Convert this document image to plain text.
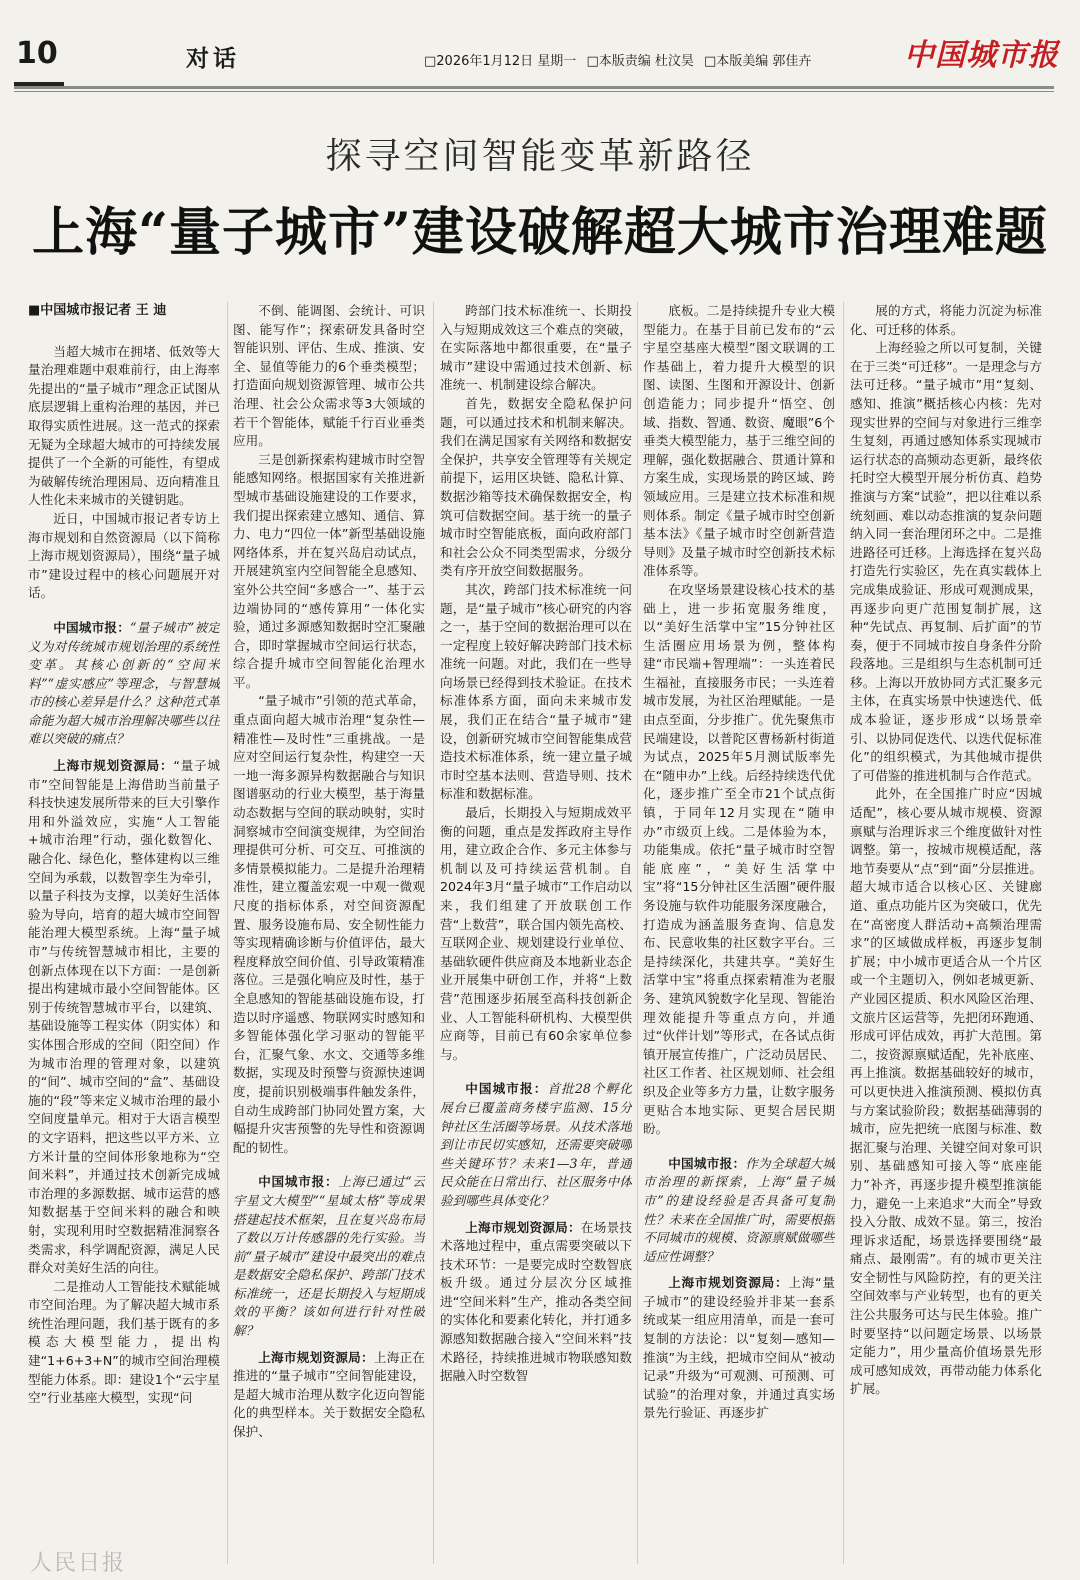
10	对话	□2026年1月12日 星期一 □本版责编 杜汶昊 □本版美编 郭佳卉	中国城市报
探寻空间智能变革新路径
上海“量子城市”建设破解超大城市治理难题

■中国城市报记者 王 迪

当超大城市在拥堵、低效等大量治理难题中艰难前行，由上海率先提出的“量子城市”理念正试图从底层逻辑上重构治理的基因，并已取得实质性进展。这一范式的探索无疑为全球超大城市的可持续发展提供了一个全新的可能性，有望成为破解传统治理困局、迈向精准且人性化未来城市的关键钥匙。

近日，中国城市报记者专访上海市规划和自然资源局（以下简称上海市规划资源局），围绕“量子城市”建设过程中的核心问题展开对话。

中国城市报：“量子城市”被定义为对传统城市规划治理的系统性变革。其核心创新的“空间米料”“虚实感应”等理念，与智慧城市的核心差异是什么？这种范式革命能为超大城市治理解决哪些以往难以突破的痛点？

上海市规划资源局：“量子城市”空间智能是上海借助当前量子科技快速发展所带来的巨大引擎作用和外溢效应，实施“人工智能+城市治理”行动，强化数智化、融合化、绿色化，整体建构以三维空间为承载，以数智孪生为牵引，以量子科技为支撑，以美好生活体验为导向，培育的超大城市空间智能治理大模型系统。上海“量子城市”与传统智慧城市相比，主要的创新点体现在以下方面：一是创新提出构建城市最小空间智能体。区别于传统智慧城市平台，以建筑、基础设施等工程实体（阴实体）和实体围合形成的空间（阳空间）作为城市治理的管理对象，以建筑的“间”、城市空间的“盒”、基础设施的“段”等来定义城市治理的最小空间度量单元。相对于大语言模型的文字语料，把这些以平方米、立方米计量的空间体形象地称为“空间米料”，并通过技术创新完成城市治理的多源数据、城市运营的感知数据基于空间米料的融合和映射，实现利用时空数据精准洞察各类需求，科学调配资源，满足人民群众对美好生活的向往。

二是推动人工智能技术赋能城市空间治理。为了解决超大城市系统性治理问题，我们基于既有的多模态大模型能力，提出构建“1+6+3+N”的城市空间治理模型能力体系。即：建设1个“云宇星空”行业基座大模型，实现“问

不倒、能调图、会统计、可识图、能写作”；探索研发具备时空智能识别、评估、生成、推演、安全、显值等能力的6个垂类模型；打造面向规划资源管理、城市公共治理、社会公众需求等3大领域的若干个智能体，赋能千行百业垂类应用。

三是创新探索构建城市时空智能感知网络。根据国家有关推进新型城市基础设施建设的工作要求，我们提出探索建立感知、通信、算力、电力“四位一体”新型基础设施网络体系，并在复兴岛启动试点，开展建筑室内空间智能全息感知、室外公共空间“多感合一”、基于云边端协同的“感传算用”一体化实验，通过多源感知数据时空汇聚融合，即时掌握城市空间运行状态，综合提升城市空间智能化治理水平。

“量子城市”引领的范式革命，重点面向超大城市治理“复杂性—精准性—及时性”三重挑战。一是应对空间运行复杂性，构建空一天一地一海多源异构数据融合与知识图谱驱动的行业大模型，基于海量动态数据与空间的联动映射，实时洞察城市空间演变规律，为空间治理提供可分析、可交互、可推演的多情景模拟能力。二是提升治理精准性，建立覆盖宏观一中观一微观尺度的指标体系，对空间资源配置、服务设施布局、安全韧性能力等实现精确诊断与价值评估，最大程度释放空间价值、引导政策精准落位。三是强化响应及时性，基于全息感知的智能基础设施布设，打造以时序遥感、物联网实时感知和多智能体强化学习驱动的智能平台，汇聚气象、水文、交通等多维数据，实现及时预警与资源快速调度，提前识别极端事件触发条件，自动生成跨部门协同处置方案，大幅提升灾害预警的先导性和资源调配的韧性。

中国城市报：上海已通过“云宇星文大模型”“星域太格”等成果搭建起技术框架，且在复兴岛布局了数以万计传感器的先行实验。当前“量子城市”建设中最突出的难点是数据安全隐私保护、跨部门技术标准统一，还是长期投入与短期成效的平衡？该如何进行针对性破解？

上海市规划资源局：上海正在推进的“量子城市”空间智能建设，是超大城市治理从数字化迈向智能化的典型样本。关于数据安全隐私保护、

跨部门技术标准统一、长期投入与短期成效这三个难点的突破，在实际落地中都很重要，在“量子城市”建设中需通过技术创新、标准统一、机制建设综合解决。

首先，数据安全隐私保护问题，可以通过技术和机制来解决。我们在满足国家有关网络和数据安全保护，共享安全管理等有关规定前提下，运用区块链、隐私计算、数据沙箱等技术确保数据安全，构筑可信数据空间。基于统一的量子城市时空智能底板，面向政府部门和社会公众不同类型需求，分级分类有序开放空间数据服务。

其次，跨部门技术标准统一问题，是“量子城市”核心研究的内容之一，基于空间的数据治理可以在一定程度上较好解决跨部门技术标准统一问题。对此，我们在一些导向场景已经得到技术验证。在技术标准体系方面，面向未来城市发展，我们正在结合“量子城市”建设，创新研究城市空间智能集成营造技术标准体系，统一建立量子城市时空基本法则、营造导则、技术标准和数据标准。

最后，长期投入与短期成效平衡的问题，重点是发挥政府主导作用，建立政企合作、多元主体参与机制以及可持续运营机制。自2024年3月“量子城市”工作启动以来，我们组建了开放联创工作营“上数营”，联合国内领先高校、互联网企业、规划建设行业单位、基础软硬件供应商及本地新业态企业开展集中研创工作，并将“上数营”范围逐步拓展至高科技创新企业、人工智能科研机构、大模型供应商等，目前已有60余家单位参与。

中国城市报：首批28个孵化展台已覆盖商务楼宇监测、15分钟社区生活圈等场景。从技术落地到让市民切实感知，还需要突破哪些关键环节？未来1—3年，普通民众能在日常出行、社区服务中体验到哪些具体变化？

上海市规划资源局：在场景技术落地过程中，重点需要突破以下技术环节：一是要完成时空数智底板升级。通过分层次分区域推进“空间米料”生产，推动各类空间的实体化和要素化转化，并打通多源感知数据融合接入“空间米料”技术路径，持续推进城市物联感知数据融入时空数智

底板。二是持续提升专业大模型能力。在基于目前已发布的“云宇星空基座大模型”图文联调的工作基础上，着力提升大模型的识图、读图、生图和开源设计、创新创造能力；同步提升“悟空、创域、指数、智通、数资、魔眼”6个垂类大模型能力，基于三维空间的理解，强化数据融合、贯通计算和方案生成，实现场景的跨区域、跨领域应用。三是建立技术标准和规则体系。制定《量子城市时空创新基本法》《量子城市时空创新营造导则》及量子城市时空创新技术标准体系等。

在攻坚场景建设核心技术的基础上，进一步拓宽服务维度，以“美好生活掌中宝”15分钟社区生活圈应用场景为例，整体构建“市民端+智理端”：一头连着民生福祉，直接服务市民；一头连着城市发展，为社区治理赋能。一是由点至面，分步推广。优先聚焦市民端建设，以普陀区曹杨新村街道为试点，2025年5月测试版率先在“随申办”上线。后经持续迭代优化，逐步推广至全市21个试点街镇，于同年12月实现在“随申办”市级页上线。二是体验为本，功能集成。依托“量子城市时空智能底座”，“美好生活掌中宝”将“15分钟社区生活圈”硬件服务设施与软件功能服务深度融合，打造成为涵盖服务查询、信息发布、民意收集的社区数字平台。三是持续深化，共建共享。“美好生活掌中宝”将重点探索精准为老服务、建筑风貌数字化呈现、智能治理效能提升等重点方向，并通过“伙伴计划”等形式，在各试点街镇开展宣传推广，广泛动员居民、社区工作者、社区规划师、社会组织及企业等多方力量，让数字服务更贴合本地实际、更契合居民期盼。

中国城市报：作为全球超大城市治理的新探索，上海“量子城市”的建设经验是否具备可复制性？未来在全国推广时，需要根据不同城市的规模、资源禀赋做哪些适应性调整？

上海市规划资源局：上海“量子城市”的建设经验并非某一套系统或某一组应用清单，而是一套可复制的方法论：以“复刻—感知—推演”为主线，把城市空间从“被动记录”升级为“可观测、可预测、可试验”的治理对象，并通过真实场景先行验证、再逐步扩

展的方式，将能力沉淀为标准化、可迁移的体系。

上海经验之所以可复制，关键在于三类“可迁移”。一是理念与方法可迁移。“量子城市”用“复刻、感知、推演”概括核心内核：先对现实世界的空间与对象进行三维孪生复刻，再通过感知体系实现城市运行状态的高频动态更新，最终依托时空大模型开展分析仿真、趋势推演与方案“试验”，把以往难以系统刻画、难以动态推演的复杂问题纳入同一套治理闭环之中。二是推进路径可迁移。上海选择在复兴岛打造先行实验区，先在真实载体上完成集成验证、形成可观测成果，再逐步向更广范围复制扩展，这种“先试点、再复制、后扩面”的节奏，便于不同城市按自身条件分阶段落地。三是组织与生态机制可迁移。上海以开放协同方式汇聚多元主体，在真实场景中快速迭代、低成本验证，逐步形成“以场景牵引、以协同促迭代、以迭代促标准化”的组织模式，为其他城市提供了可借鉴的推进机制与合作范式。

此外，在全国推广时应“因城适配”，核心要从城市规模、资源禀赋与治理诉求三个维度做针对性调整。第一，按城市规模适配，落地节奏要从“点”到“面”分层推进。超大城市适合以核心区、关键廊道、重点功能片区为突破口，优先在“高密度人群活动+高频治理需求”的区域做成样板，再逐步复制扩展；中小城市更适合从一个片区或一个主题切入，例如老城更新、产业园区提质、积水风险区治理、文旅片区运营等，先把闭环跑通、形成可评估成效，再扩大范围。第二，按资源禀赋适配，先补底座、再上推演。数据基础较好的城市，可以更快进入推演预测、模拟仿真与方案试验阶段；数据基础薄弱的城市，应先把统一底图与标准、数据汇聚与治理、关键空间对象可识别、基础感知可接入等“底座能力”补齐，再逐步提升模型推演能力，避免一上来追求“大而全”导致投入分散、成效不显。第三，按治理诉求适配，场景选择要围绕“最痛点、最刚需”。有的城市更关注安全韧性与风险防控，有的更关注空间效率与产业转型，也有的更关注公共服务可达与民生体验。推广时要坚持“以问题定场景、以场景定能力”，用少量高价值场景先形成可感知成效，再带动能力体系化扩展。

人民日报
